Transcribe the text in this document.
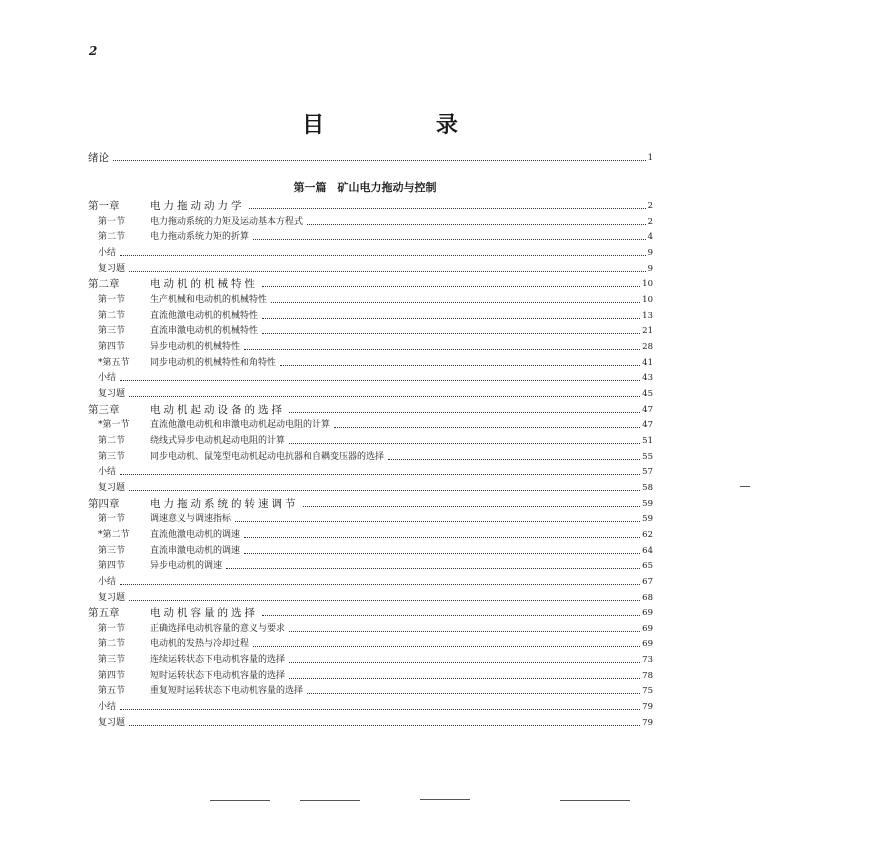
2
目 录
绪论	1
第一篇　矿山电力拖动与控制
第一章	电力拖动动力学	2
第一节	电力拖动系统的力矩及运动基本方程式	2
第二节	电力拖动系统力矩的折算	4
小结	9
复习题	9
第二章	电动机的机械特性	10
第一节	生产机械和电动机的机械特性	10
第二节	直流他激电动机的机械特性	13
第三节	直流串激电动机的机械特性	21
第四节	异步电动机的机械特性	28
*第五节	同步电动机的机械特性和角特性	41
小结	43
复习题	45
第三章	电动机起动设备的选择	47
*第一节	直流他激电动机和串激电动机起动电阻的计算	47
第二节	绕线式异步电动机起动电阻的计算	51
第三节	同步电动机、鼠笼型电动机起动电抗器和自耦变压器的选择	55
小结	57
复习题	58
第四章	电力拖动系统的转速调节	59
第一节	调速意义与调速指标	59
*第二节	直流他激电动机的调速	62
第三节	直流串激电动机的调速	64
第四节	异步电动机的调速	65
小结	67
复习题	68
第五章	电动机容量的选择	69
第一节	正确选择电动机容量的意义与要求	69
第二节	电动机的发热与冷却过程	69
第三节	连续运转状态下电动机容量的选择	73
第四节	短时运转状态下电动机容量的选择	78
第五节	重复短时运转状态下电动机容量的选择	75
小结	79
复习题	79
